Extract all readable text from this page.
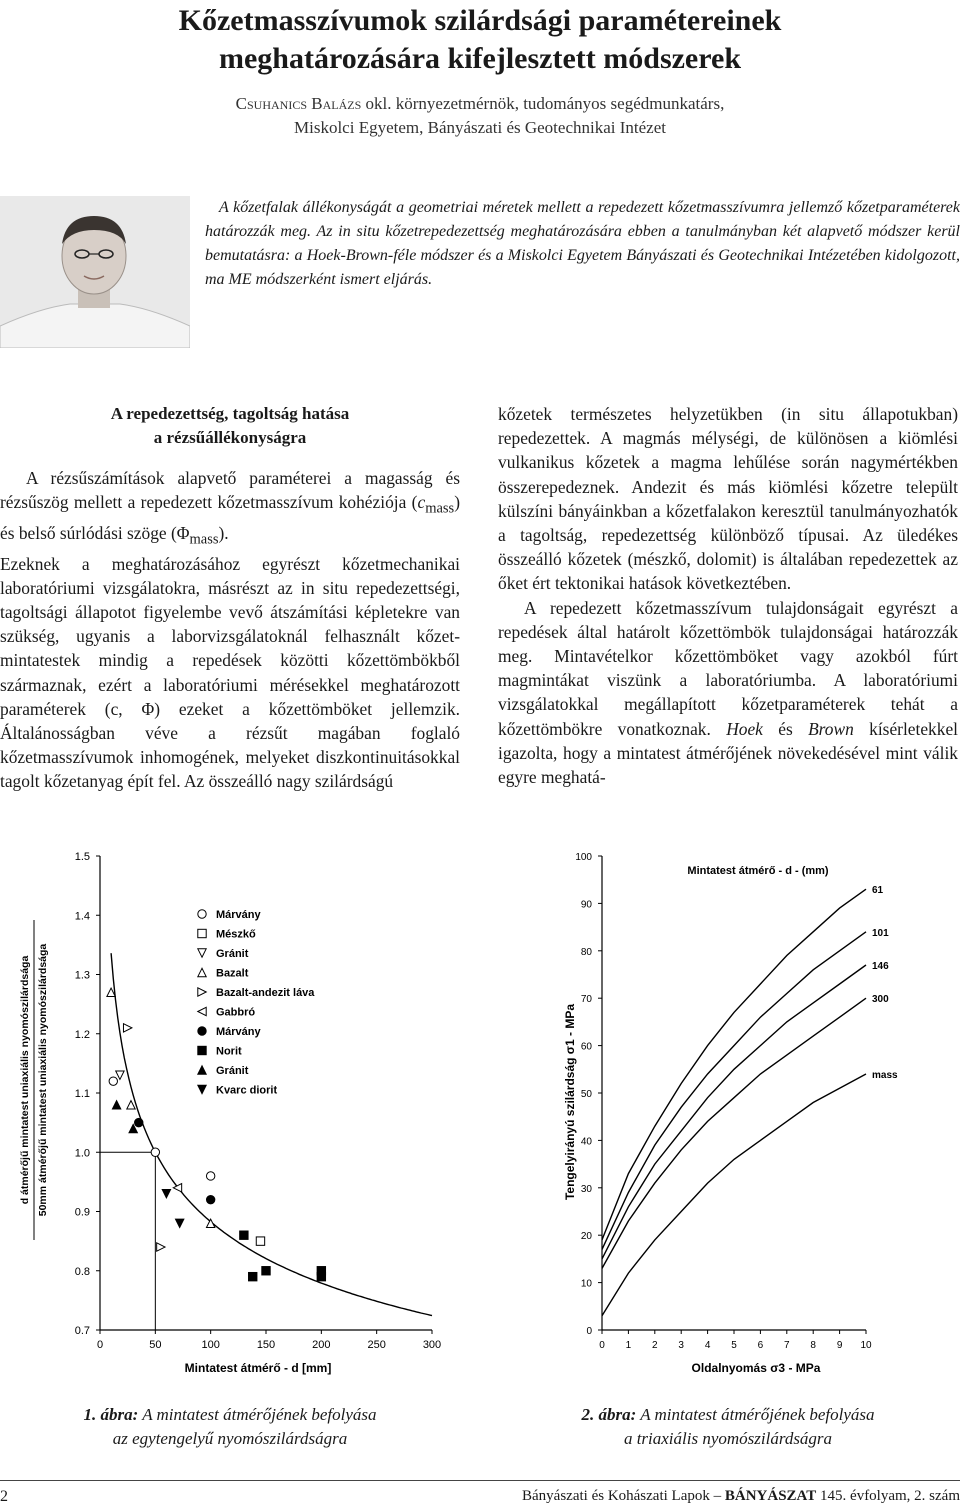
Kőzetmasszívumok szilárdsági paramétereinek
meghatározására kifejlesztett módszerek
Csuhanics Balázs okl. környezetmérnök, tudományos segédmunkatárs,
Miskolci Egyetem, Bányászati és Geotechnikai Intézet

A kőzetfalak állékonyságát a geometriai méretek mellett a repedezett kőzetmasszívumra jellemző kőzetparaméterek határozzák meg. Az in situ kőzetrepedezettség meghatározására ebben a tanulmányban két alapvető módszer kerül bemutatásra: a Hoek-Brown-féle módszer és a Miskolci Egyetem Bányászati és Geotechnikai Intézetében kidolgozott, ma ME módszerként ismert eljárás.

A repedezettség, tagoltság hatása
a rézsűállékonyságra

A rézsűszámítások alapvető paraméterei a magasság és rézsűszög mellett a repedezett kőzetmasszívum kohéziója $(c_{mass})$ és belső súrlódási szöge $(\Phi_{mass})$.

Ezeknek a meghatározásához egyrészt kőzetmechanikai laboratóriumi vizsgálatokra, másrészt az in situ repedezettségi, tagoltsági állapotot figyelembe vevő átszámítási képletekre van szükség, ugyanis a laborvizsgálatoknál felhasznált kőzet-mintatestek mindig a repedések közötti kőzettömbökből származnak, ezért a laboratóriumi mérésekkel meghatározott paraméterek (c, Φ) ezeket a kőzettömböket jellemzik. Általánosságban véve a rézsűt magában foglaló kőzetmasszívumok inhomogének, melyeket diszkontinuitásokkal tagolt kőzetanyag épít fel. Az összeálló nagy szilárdságú

kőzetek természetes helyzetükben (in situ állapotukban) repedezettek. A magmás mélységi, de különösen a kiömlési vulkanikus kőzetek a magma lehűlése során nagymértékben összerepedeznek. Andezit és más kiömlési kőzetre települt külszíni bányáinkban a kőzetfalakon keresztül tanulmányozhatók a tagoltság, repedezettség különböző típusai. Az üledékes összeálló kőzetek (mészkő, dolomit) is általában repedezettek az őket ért tektonikai hatások következtében.

A repedezett kőzetmasszívum tulajdonságait egyrészt a repedések által határolt kőzettömbök tulajdonságai határozzák meg. Mintavételkor kőzettömböket vagy azokból fúrt magmintákat viszünk a laboratóriumba. A laboratóriumi vizsgálatokkal megállapított kőzetparaméterek tehát a kőzettömbökre vonatkoznak. Hoek és Brown kísérletekkel igazolta, hogy a mintatest átmérőjének növekedésével mint válik egyre meghatá-

0.7
0.8
0.9
1.0
1.1
1.2
1.3
1.4
1.5
0	50	100	150	200	250	300
Márvány
Mészkő
Gránit
Bazalt
Bazalt-andezit láva
Gabbró
Márvány
Norit
Gránit
Kvarc diorit
Mintatest átmérő - d [mm]
d átmérőjű mintatest uniaxiális nyomószilárdsága 50mm átmérőjű mintatest uniaxiális nyomószilárdsága
0
10
20
30
40
50
60
70
80
90
100
0 1 2 3 4 5 6 7 8 9 10
61
101
146
300
mass
Mintatest átmérő - d - (mm)
Oldalnyomás σ3 - MPa
Tengelyirányú szilárdság σ1 - MPa
1. ábra: A mintatest átmérőjének befolyása
az egytengelyű nyomószilárdságra
2. ábra: A mintatest átmérőjének befolyása
a triaxiális nyomószilárdságra
2	Bányászati és Kohászati Lapok – BÁNYÁSZAT 145. évfolyam, 2. szám
